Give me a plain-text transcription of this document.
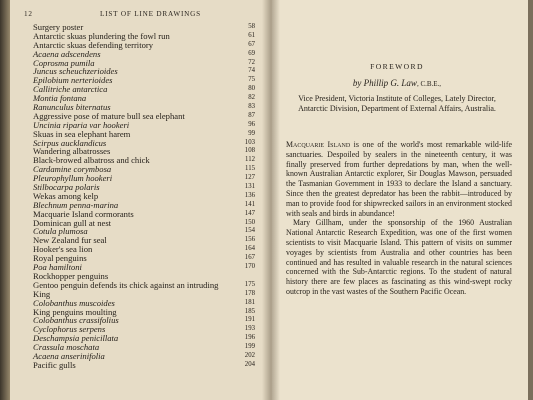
12	LIST OF LINE DRAWINGS
Surgery poster	58
Antarctic skuas plundering the fowl run	61
Antarctic skuas defending territory	67
Acaena adscendens	69
Coprosma pumila	72
Juncus scheuchzerioides	74
Epilobium nerterioides	75
Callitriche antarctica	80
Montia fontana	82
Ranunculus biternatus	83
Aggressive pose of mature bull sea elephant	87
Uncinia riparia var hookeri	96
Skuas in sea elephant harem	99
Scirpus aucklandicus	103
Wandering albatrosses	108
Black-browed albatross and chick	112
Cardamine corymbosa	115
Pleurophyllum hookeri	127
Stilbocarpa polaris	131
Wekas among kelp	136
Blechnum penna-marina	141
Macquarie Island cormorants	147
Dominican gull at nest	150
Cotula plumosa	154
New Zealand fur seal	156
Hooker's sea lion	164
Royal penguins	167
Poa hamiltoni	170
Rockhopper penguins
Gentoo penguin defends its chick against an intruding	175
King	178
Colobanthus muscoides	181
King penguins moulting	185
Colobanthus crassifolius	191
Cyclophorus serpens	193
Deschampsia penicillata	196
Crassula moschata	199
Acaena anserinifolia	202
Pacific gulls	204
FOREWORD
by Phillip G. Law, C.B.E.,
Vice President, Victoria Institute of Colleges, Lately Director, Antarctic Division, Department of External Affairs, Australia.

Macquarie Island is one of the world's most remarkable wild-life sanctuaries. Despoiled by sealers in the nineteenth century, it was finally preserved from further depredations by man, when the well-known Australian Antarctic explorer, Sir Douglas Mawson, persuaded the Tasmanian Government in 1933 to declare the Island a sanctuary. Since then the greatest depredator has been the rabbit—introduced by man to provide food for shipwrecked sailors in an environment stocked with seals and birds in abundance!

Mary Gillham, under the sponsorship of the 1960 Australian National Antarctic Research Expedition, was one of the first women scientists to visit Macquarie Island. This pattern of visits on summer voyages by scientists from Australia and other countries has been continued and has resulted in valuable research in the natural sciences concerned with the Sub-Antarctic regions. To the student of natural history there are few places as fascinating as this wind-swept rocky outcrop in the vast wastes of the Southern Pacific Ocean.
